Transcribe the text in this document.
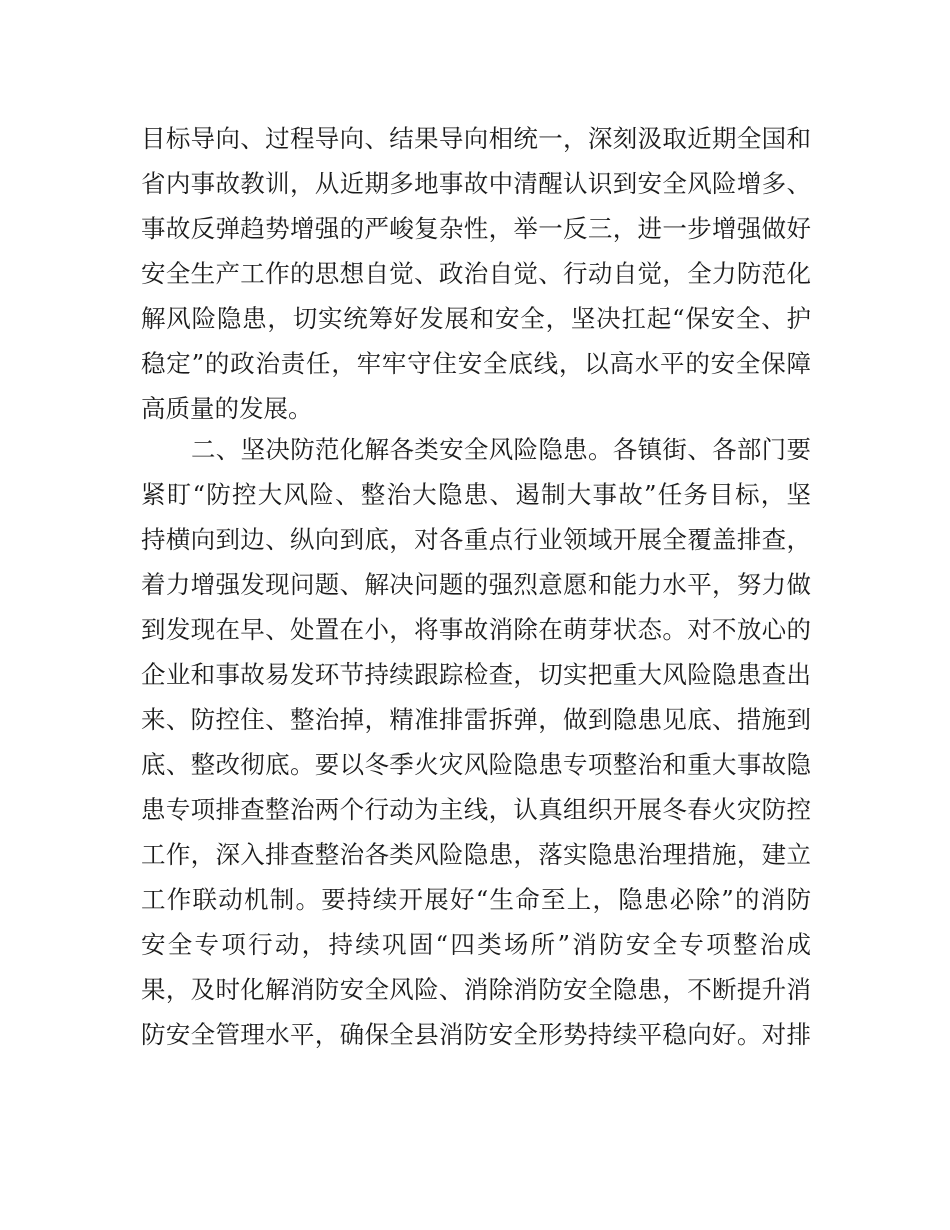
目标导向、过程导向、结果导向相统一，深刻汲取近期全国和
省内事故教训，从近期多地事故中清醒认识到安全风险增多、
事故反弹趋势增强的严峻复杂性，举一反三，进一步增强做好
安全生产工作的思想自觉、政治自觉、行动自觉，全力防范化
解风险隐患，切实统筹好发展和安全，坚决扛起“保安全、护
稳定”的政治责任，牢牢守住安全底线，以高水平的安全保障
高质量的发展。
二、坚决防范化解各类安全风险隐患。各镇街、各部门要
紧盯“防控大风险、整治大隐患、遏制大事故”任务目标，坚
持横向到边、纵向到底，对各重点行业领域开展全覆盖排查，
着力增强发现问题、解决问题的强烈意愿和能力水平，努力做
到发现在早、处置在小，将事故消除在萌芽状态。对不放心的
企业和事故易发环节持续跟踪检查，切实把重大风险隐患查出
来、防控住、整治掉，精准排雷拆弹，做到隐患见底、措施到
底、整改彻底。要以冬季火灾风险隐患专项整治和重大事故隐
患专项排查整治两个行动为主线，认真组织开展冬春火灾防控
工作，深入排查整治各类风险隐患，落实隐患治理措施，建立
工作联动机制。要持续开展好“生命至上，隐患必除”的消防
安全专项行动，持续巩固“四类场所”消防安全专项整治成
果，及时化解消防安全风险、消除消防安全隐患，不断提升消
防安全管理水平，确保全县消防安全形势持续平稳向好。对排
